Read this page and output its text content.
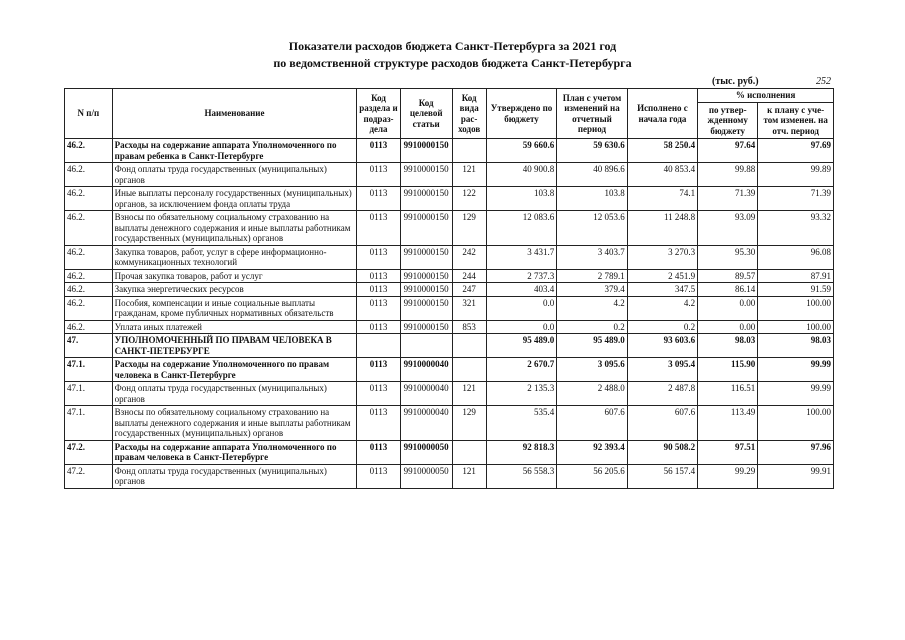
Показатели расходов бюджета Санкт-Петербурга за 2021 год
по ведомственной структуре расходов бюджета Санкт-Петербурга
(тыс. руб.)	252
N п/п	Наименование	Код раздела и подраз- дела	Код целевой статьи	Код вида рас- ходов	Утверждено по бюджету	План с учетом изменений на отчетный период	Исполнено с начала года	% исполнения	
								по утвер- жденному бюджету	к плану с уче- том изменен. на отч. период
46.2.	Расходы на содержание аппарата Уполномоченного по правам ребенка в Санкт-Петербурге	0113	9910000150		59 660.6	59 630.6	58 250.4	97.64	97.69
46.2.	Фонд оплаты труда государственных (муниципальных) органов	0113	9910000150	121	40 900.8	40 896.6	40 853.4	99.88	99.89
46.2.	Иные выплаты персоналу государственных (муниципальных) органов, за исключением фонда оплаты труда	0113	9910000150	122	103.8	103.8	74.1	71.39	71.39
46.2.	Взносы по обязательному социальному страхованию на выплаты денежного содержания и иные выплаты работникам государственных (муниципальных) органов	0113	9910000150	129	12 083.6	12 053.6	11 248.8	93.09	93.32
46.2.	Закупка товаров, работ, услуг в сфере информационно-коммуникационных технологий	0113	9910000150	242	3 431.7	3 403.7	3 270.3	95.30	96.08
46.2.	Прочая закупка товаров, работ и услуг	0113	9910000150	244	2 737.3	2 789.1	2 451.9	89.57	87.91
46.2.	Закупка энергетических ресурсов	0113	9910000150	247	403.4	379.4	347.5	86.14	91.59
46.2.	Пособия, компенсации и иные социальные выплаты гражданам, кроме публичных нормативных обязательств	0113	9910000150	321	0.0	4.2	4.2	0.00	100.00
46.2.	Уплата иных платежей	0113	9910000150	853	0.0	0.2	0.2	0.00	100.00
47.	УПОЛНОМОЧЕННЫЙ ПО ПРАВАМ ЧЕЛОВЕКА В САНКТ-ПЕТЕРБУРГЕ				95 489.0	95 489.0	93 603.6	98.03	98.03
47.1.	Расходы на содержание Уполномоченного по правам человека в Санкт-Петербурге	0113	9910000040		2 670.7	3 095.6	3 095.4	115.90	99.99
47.1.	Фонд оплаты труда государственных (муниципальных) органов	0113	9910000040	121	2 135.3	2 488.0	2 487.8	116.51	99.99
47.1.	Взносы по обязательному социальному страхованию на выплаты денежного содержания и иные выплаты работникам государственных (муниципальных) органов	0113	9910000040	129	535.4	607.6	607.6	113.49	100.00
47.2.	Расходы на содержание аппарата Уполномоченного по правам человека в Санкт-Петербурге	0113	9910000050		92 818.3	92 393.4	90 508.2	97.51	97.96
47.2.	Фонд оплаты труда государственных (муниципальных) органов	0113	9910000050	121	56 558.3	56 205.6	56 157.4	99.29	99.91
